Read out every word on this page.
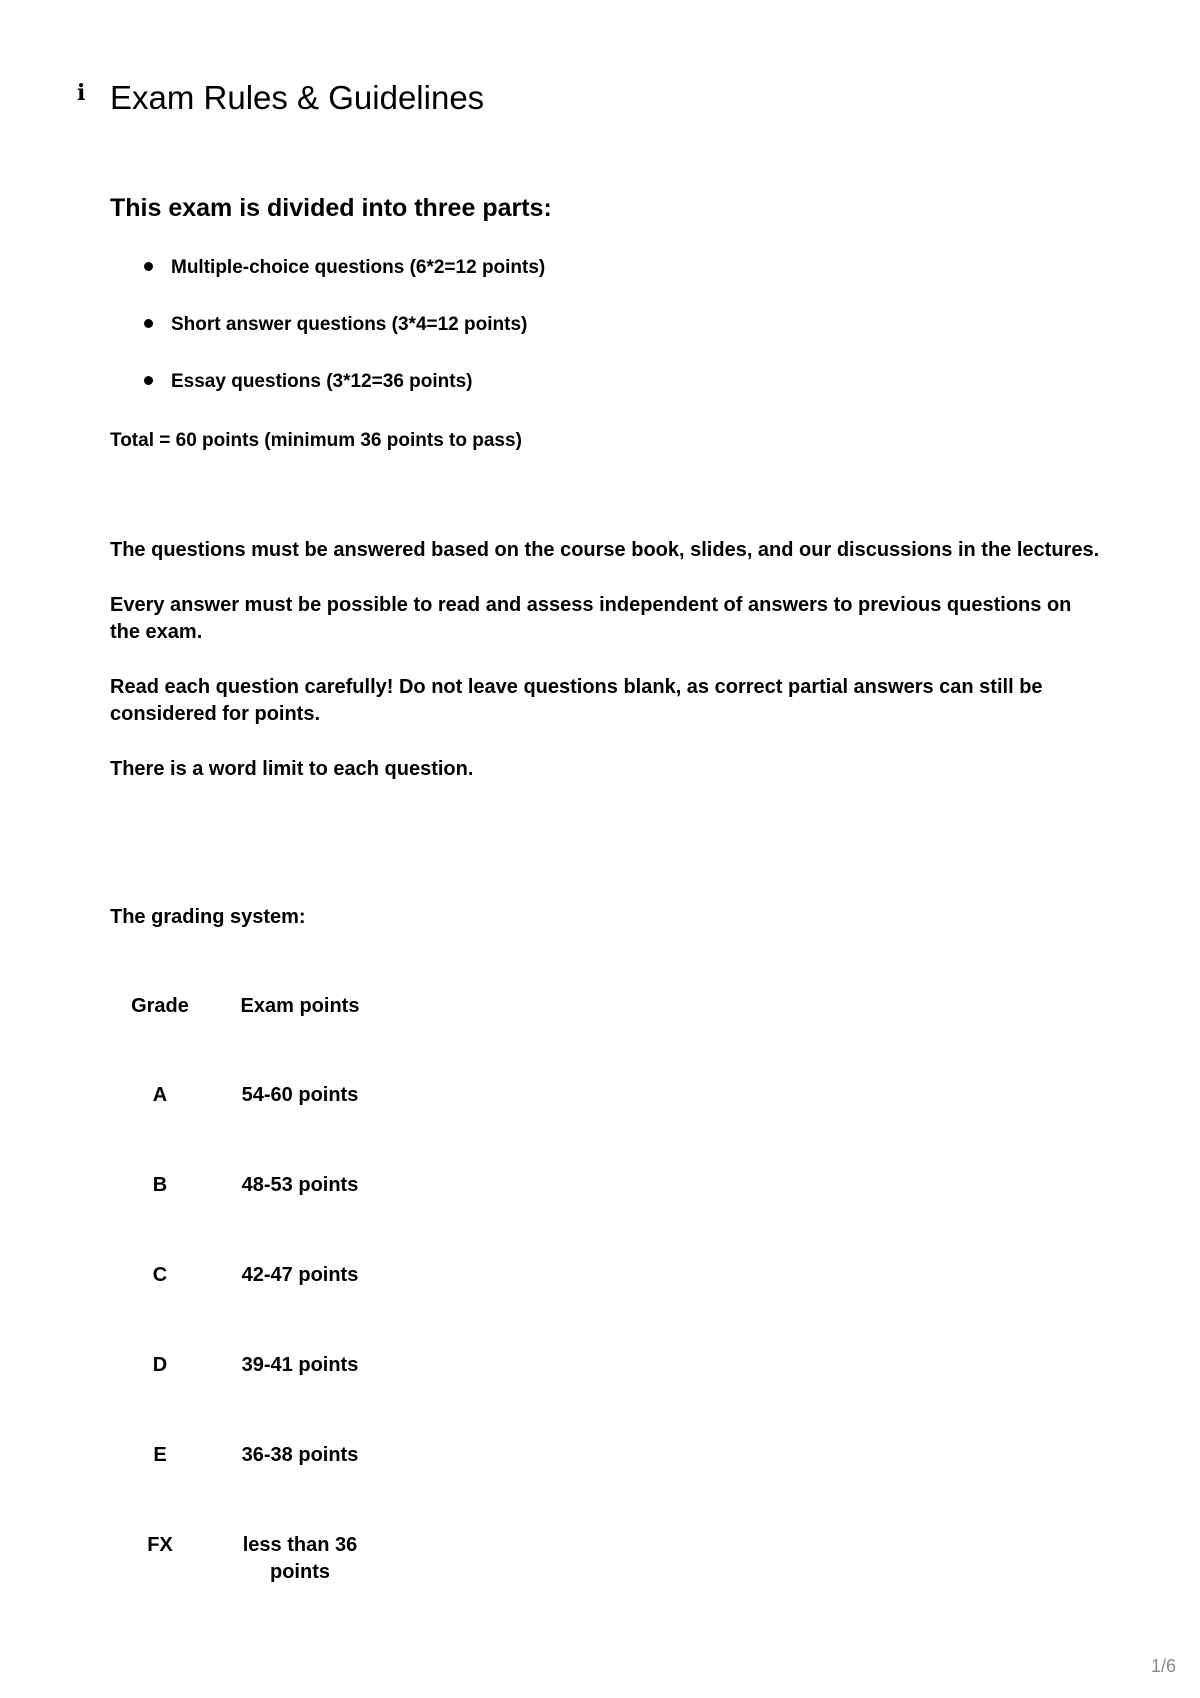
i Exam Rules & Guidelines
This exam is divided into three parts:
Multiple-choice questions (6*2=12 points)
Short answer questions (3*4=12 points)
Essay questions (3*12=36 points)

Total = 60 points (minimum 36 points to pass)

The questions must be answered based on the course book, slides, and our discussions in the lectures.

Every answer must be possible to read and assess independent of answers to previous questions on the exam.

Read each question carefully! Do not leave questions blank, as correct partial answers can still be considered for points.

There is a word limit to each question.

The grading system:

Grade	Exam points
A	54-60 points
B	48-53 points
C	42-47 points
D	39-41 points
E	36-38 points
FX	less than 36 points
1/6
